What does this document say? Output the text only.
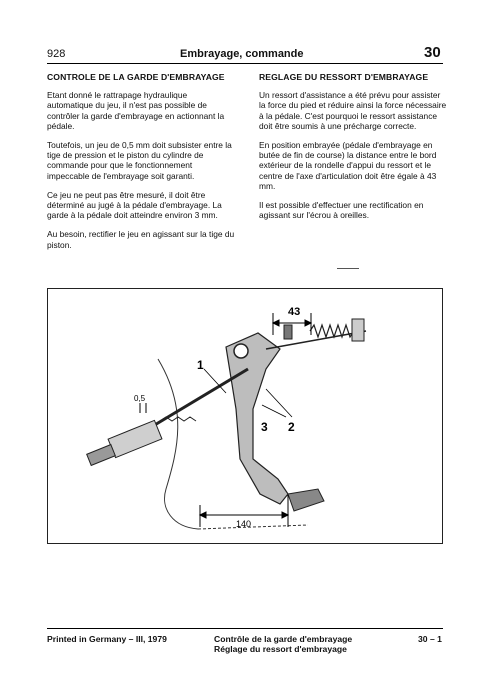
928	Embrayage, commande	30
CONTROLE DE LA GARDE D'EMBRAYAGE

Etant donné le rattrapage hydraulique automatique du jeu, il n'est pas possible de contrôler la garde d'embrayage en actionnant la pédale.

Toutefois, un jeu de 0,5 mm doit subsister entre la tige de pression et le piston du cylindre de commande pour que le fonctionnement impeccable de l'embrayage soit garanti.

Ce jeu ne peut pas être mesuré, il doit être déterminé au jugé à la pédale d'embrayage. La garde à la pédale doit atteindre environ 3 mm.

Au besoin, rectifier le jeu en agissant sur la tige du piston.

REGLAGE DU RESSORT D'EMBRAYAGE

Un ressort d'assistance a été prévu pour assister la force du pied et réduire ainsi la force nécessaire à la pédale. C'est pourquoi le ressort assistance doit être soumis à une précharge correcte.

En position embrayée (pédale d'embrayage en butée de fin de course) la distance entre le bord extérieur de la rondelle d'appui du ressort et le centre de l'axe d'articulation doit être égale à 43 mm.

Il est possible d'effectuer une rectification en agissant sur l'écrou à oreilles.

43
0,5
140
1
3 2
Printed in Germany – III, 1979	Contrôle de la garde d'embrayage
Réglage du ressort d'embrayage
30 – 1
